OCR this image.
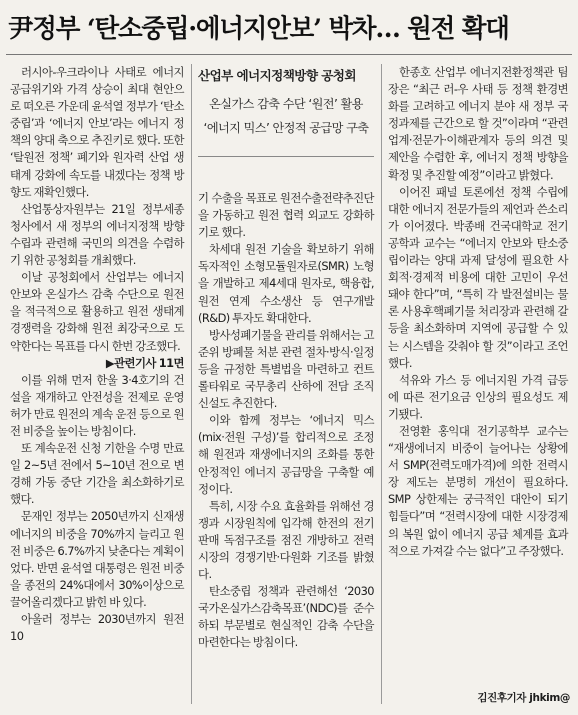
尹정부 ‘탄소중립·에너지안보’ 박차… 원전 확대

러시아-우크라이나 사태로 에너지 공급위기와 가격 상승이 최대 현안으로 떠오른 가운데 윤석열 정부가 ‘탄소중립’과 ‘에너지 안보’라는 에너지 정책의 양대 축으로 추진키로 했다. 또한 ‘탈원전 정책’ 폐기와 원자력 산업 생태계 강화에 속도를 내겠다는 정책 방향도 재확인했다.

산업통상자원부는 21일 정부세종청사에서 새 정부의 에너지정책 방향 수립과 관련해 국민의 의견을 수렴하기 위한 공청회를 개최했다.

이날 공청회에서 산업부는 에너지 안보와 온실가스 감축 수단으로 원전을 적극적으로 활용하고 원전 생태계 경쟁력을 강화해 원전 최강국으로 도약한다는 목표를 다시 한번 강조했다.

▶관련기사 11면

이를 위해 먼저 한울 3·4호기의 건설을 재개하고 안전성을 전제로 운영허가 만료 원전의 계속 운전 등으로 원전 비중을 높이는 방침이다.

또 계속운전 신청 기한을 수명 만료일 2~5년 전에서 5~10년 전으로 변경해 가동 중단 기간을 최소화하기로 했다.

문재인 정부는 2050년까지 신재생에너지의 비중을 70%까지 늘리고 원전 비중은 6.7%까지 낮춘다는 계획이었다. 반면 윤석열 대통령은 원전 비중을 종전의 24%대에서 30%이상으로 끌어올리겠다고 밝힌 바 있다.

아울러 정부는 2030년까지 원전 10

산업부 에너지정책방향 공청회
온실가스 감축 수단 ‘원전’ 활용
‘에너지 믹스’ 안정적 공급망 구축

기 수출을 목표로 원전수출전략추진단을 가동하고 원전 협력 외교도 강화하기로 했다.

차세대 원전 기술을 확보하기 위해 독자적인 소형모듈원자로(SMR) 노형을 개발하고 제4세대 원자로, 핵융합, 원전 연계 수소생산 등 연구개발(R&D) 투자도 확대한다.

방사성폐기물을 관리를 위해서는 고준위 방폐물 처분 관련 절차·방식·일정 등을 규정한 특별법을 마련하고 컨트롤타워로 국무총리 산하에 전담 조직 신설도 추진한다.

이와 함께 정부는 ‘에너지 믹스(mix·전원 구성)’를 합리적으로 조정해 원전과 재생에너지의 조화를 통한 안정적인 에너지 공급망을 구축할 예정이다.

특히, 시장 수요 효율화를 위해선 경쟁과 시장원칙에 입각해 한전의 전기 판매 독점구조를 점진 개방하고 전력시장의 경쟁기반·다원화 기조를 밝혔다.

탄소중립 정책과 관련해선 ‘2030 국가온실가스감축목표’(NDC)를 준수하되 부문별로 현실적인 감축 수단을 마련한다는 방침이다.

한종호 산업부 에너지전환정책관 팀장은 “최근 러-우 사태 등 정책 환경변화를 고려하고 에너지 분야 새 정부 국정과제를 근간으로 할 것”이라며 “관련 업계·전문가·이해관계자 등의 의견 및 제안을 수렴한 후, 에너지 정책 방향을 확정 및 추진할 예정”이라고 밝혔다.

이어진 패널 토론에선 정책 수립에 대한 에너지 전문가들의 제언과 쓴소리가 이어졌다. 박종배 건국대학교 전기공학과 교수는 “에너지 안보와 탄소중립이라는 양대 과제 달성에 필요한 사회적·경제적 비용에 대한 고민이 우선돼야 한다”며, “특히 각 발전설비는 물론 사용후핵폐기물 처리장과 관련해 갈등을 최소화하며 지역에 공급할 수 있는 시스템을 갖춰야 할 것”이라고 조언했다.

석유와 가스 등 에너지원 가격 급등에 따른 전기요금 인상의 필요성도 제기됐다.

전영환 홍익대 전기공학부 교수는 “재생에너지 비중이 늘어나는 상황에서 SMP(전력도매가격)에 의한 전력시장 제도는 분명히 개선이 필요하다. SMP 상한제는 궁극적인 대안이 되기 힘들다”며 “전력시장에 대한 시장경제의 복원 없이 에너지 공급 체계를 효과적으로 가져갈 수는 없다”고 주장했다.

김진후기자 jhkim@
